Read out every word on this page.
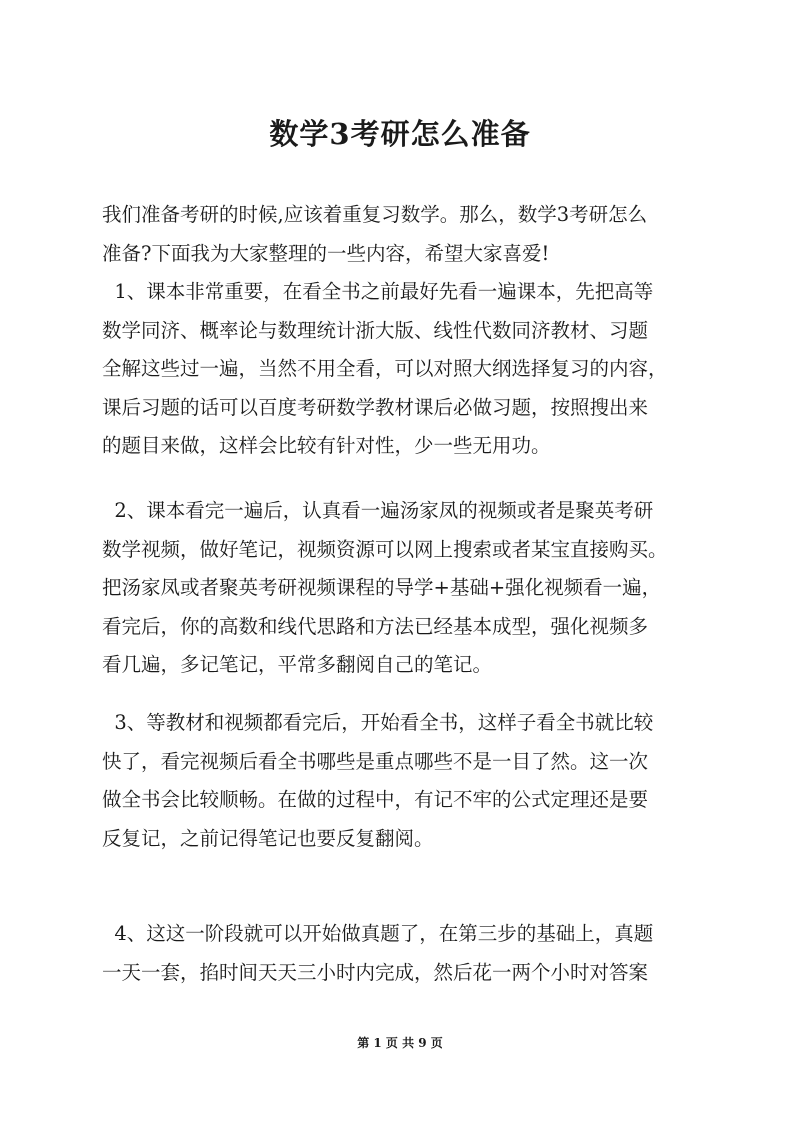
数学3考研怎么准备

我们准备考研的时候,应该着重复习数学。那么，数学3考研怎么
准备?下面我为大家整理的一些内容，希望大家喜爱!

1、课本非常重要，在看全书之前最好先看一遍课本，先把高等
数学同济、概率论与数理统计浙大版、线性代数同济教材、习题
全解这些过一遍，当然不用全看，可以对照大纲选择复习的内容，
课后习题的话可以百度考研数学教材课后必做习题，按照搜出来
的题目来做，这样会比较有针对性，少一些无用功。

2、课本看完一遍后，认真看一遍汤家凤的视频或者是聚英考研
数学视频，做好笔记，视频资源可以网上搜索或者某宝直接购买。
把汤家凤或者聚英考研视频课程的导学+基础+强化视频看一遍，
看完后，你的高数和线代思路和方法已经基本成型，强化视频多
看几遍，多记笔记，平常多翻阅自己的笔记。

3、等教材和视频都看完后，开始看全书，这样子看全书就比较
快了，看完视频后看全书哪些是重点哪些不是一目了然。这一次
做全书会比较顺畅。在做的过程中，有记不牢的公式定理还是要
反复记，之前记得笔记也要反复翻阅。

4、这这一阶段就可以开始做真题了，在第三步的基础上，真题
一天一套，掐时间天天三小时内完成，然后花一两个小时对答案

第 1 页 共 9 页
